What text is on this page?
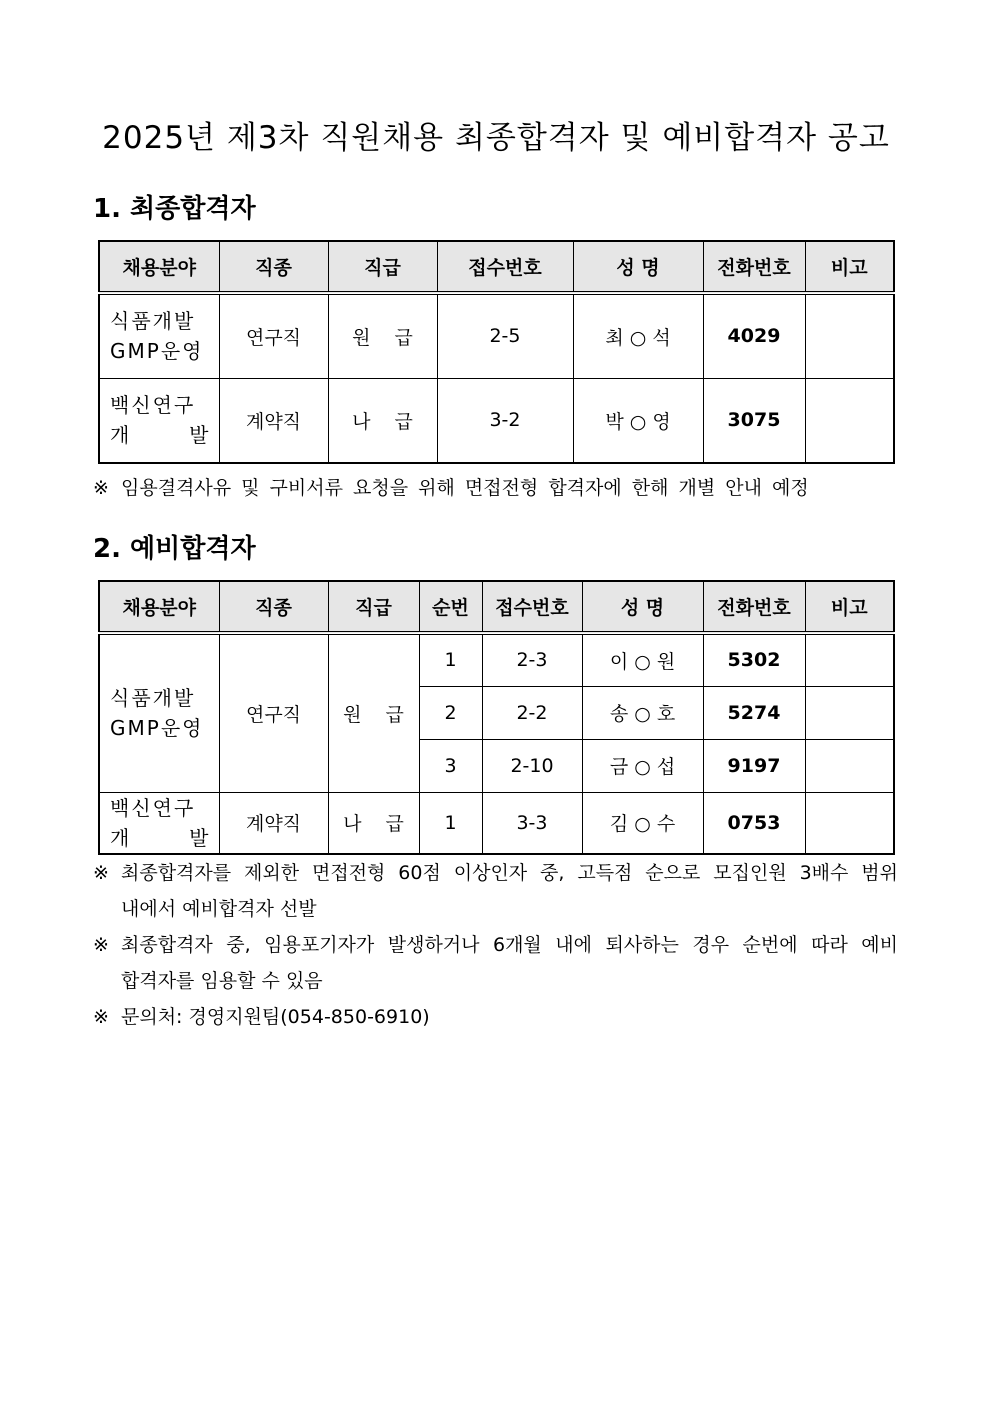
2025년 제3차 직원채용 최종합격자 및 예비합격자 공고
1. 최종합격자
채용분야	직종	직급	접수번호	성 명	전화번호	비고

식품개발
GMP운영	연구직	원 급	2-5	최 ○ 석	4029	

백신연구
개 발	계약직	나 급	3-2	박 ○ 영	3075	
※ 임용결격사유 및 구비서류 요청을 위해 면접전형 합격자에 한해 개별 안내 예정
2. 예비합격자
채용분야	직종	직급	순번	접수번호	성 명	전화번호	비고

식품개발
GMP운영	연구직	원 급	1	2-3	이 ○ 원	5302	
			2	2-2	송 ○ 호	5274	
			3	2-10	금 ○ 섭	9197	

백신연구
개 발	계약직	나 급	1	3-3	김 ○ 수	0753	
※ 최종합격자를 제외한 면접전형 60점 이상인자 중, 고득점 순으로 모집인원 3배수 범위
내에서 예비합격자 선발
※ 최종합격자 중, 임용포기자가 발생하거나 6개월 내에 퇴사하는 경우 순번에 따라 예비
합격자를 임용할 수 있음
※ 문의처: 경영지원팀(054-850-6910)
